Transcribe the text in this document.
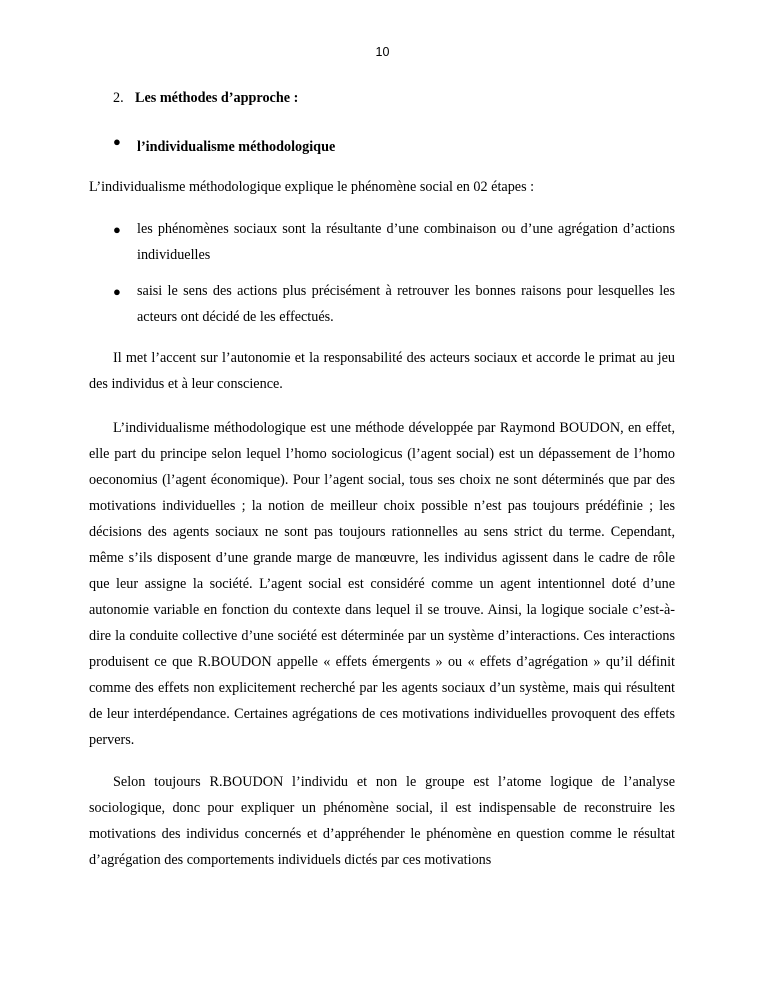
10
2. Les méthodes d’approche :
●	l’individualisme méthodologique
L’individualisme méthodologique explique le phénomène social en 02 étapes :
●	les phénomènes sociaux sont la résultante d’une combinaison ou d’une agrégation d’actions individuelles
●	saisi le sens des actions plus précisément à retrouver les bonnes raisons pour lesquelles les acteurs ont décidé de les effectués.
Il met l’accent sur l’autonomie et la responsabilité des acteurs sociaux et accorde le primat au jeu des individus et à leur conscience.
L’individualisme méthodologique est une méthode développée par Raymond BOUDON, en effet, elle part du principe selon lequel l’homo sociologicus (l’agent social) est un dépassement de l’homo oeconomius (l’agent économique). Pour l’agent social, tous ses choix ne sont déterminés que par des motivations individuelles ; la notion de meilleur choix possible n’est pas toujours prédéfinie ; les décisions des agents sociaux ne sont pas toujours rationnelles au sens strict du terme. Cependant, même s’ils disposent d’une grande marge de manœuvre, les individus agissent dans le cadre de rôle que leur assigne la société. L’agent social est considéré comme un agent intentionnel doté d’une autonomie variable en fonction du contexte dans lequel il se trouve. Ainsi, la logique sociale c’est-à-dire la conduite collective d’une société est déterminée par un système d’interactions. Ces interactions produisent ce que R.BOUDON appelle « effets émergents » ou « effets d’agrégation » qu’il définit comme des effets non explicitement recherché par les agents sociaux d’un système, mais qui résultent de leur interdépendance. Certaines agrégations de ces motivations individuelles provoquent des effets pervers.
Selon toujours R.BOUDON l’individu et non le groupe est l’atome logique de l’analyse sociologique, donc pour expliquer un phénomène social, il est indispensable de reconstruire les motivations des individus concernés et d’appréhender le phénomène en question comme le résultat d’agrégation des comportements individuels dictés par ces motivations
